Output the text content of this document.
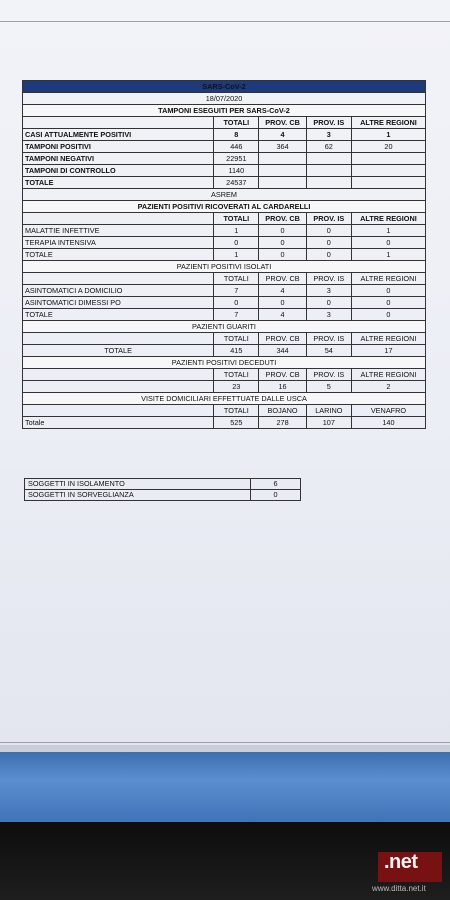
SARS-CoV-2				
18/07/2020				
TAMPONI ESEGUITI PER SARS-CoV-2				
	TOTALI	PROV. CB	PROV. IS	ALTRE REGIONI
CASI ATTUALMENTE POSITIVI	8	4	3	1
TAMPONI POSITIVI	446	364	62	20
TAMPONI NEGATIVI	22951			
TAMPONI DI CONTROLLO	1140			
TOTALE	24537			
ASREM				
PAZIENTI POSITIVI RICOVERATI AL CARDARELLI				
	TOTALI	PROV. CB	PROV. IS	ALTRE REGIONI
MALATTIE INFETTIVE	1	0	0	1
TERAPIA INTENSIVA	0	0	0	0
TOTALE	1	0	0	1
PAZIENTI POSITIVI ISOLATI				
	TOTALI	PROV. CB	PROV. IS	ALTRE REGIONI
ASINTOMATICI A DOMICILIO	7	4	3	0
ASINTOMATICI DIMESSI PO	0	0	0	0
TOTALE	7	4	3	0
PAZIENTI GUARITI				
	TOTALI	PROV. CB	PROV. IS	ALTRE REGIONI
TOTALE	415	344	54	17
PAZIENTI POSITIVI DECEDUTI				
	TOTALI	PROV. CB	PROV. IS	ALTRE REGIONI
	23	16	5	2
VISITE DOMICILIARI EFFETTUATE DALLE USCA				
	TOTALI	BOJANO	LARINO	VENAFRO
Totale	525	278	107	140
SOGGETTI IN ISOLAMENTO	6
SOGGETTI IN SORVEGLIANZA	0
.net
www.ditta.net.it
